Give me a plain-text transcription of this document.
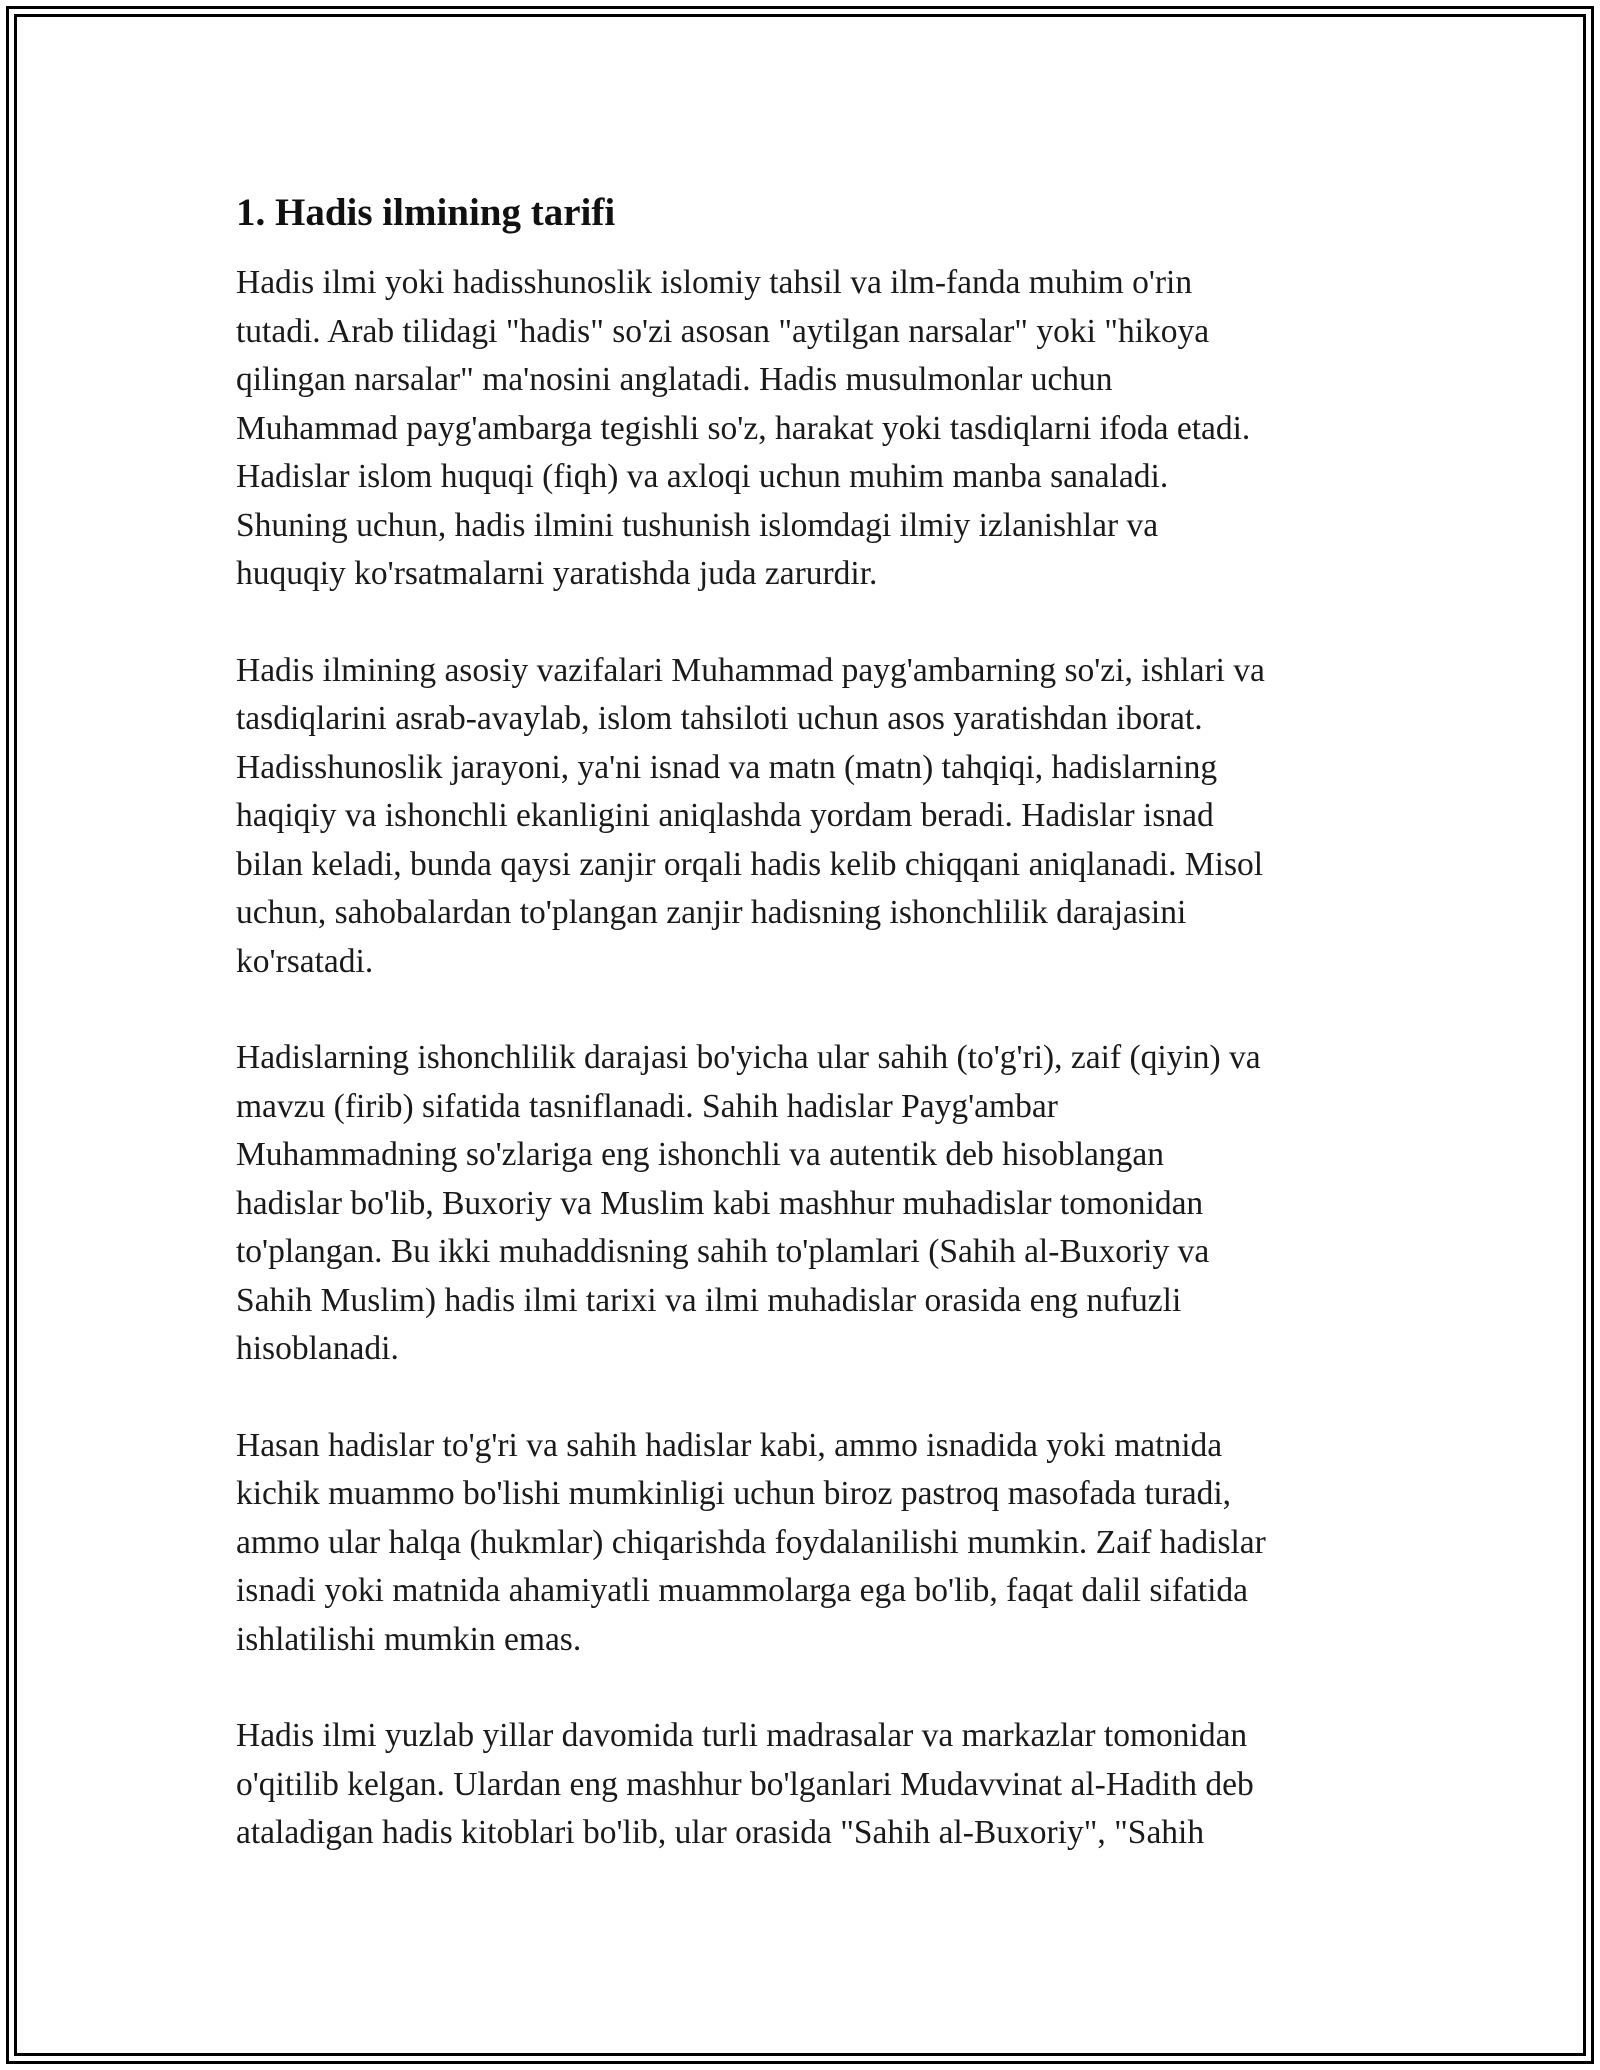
1. Hadis ilmining tarifi
Hadis ilmi yoki hadisshunoslik islomiy tahsil va ilm-fanda muhim o'rin
tutadi. Arab tilidagi "hadis" so'zi asosan "aytilgan narsalar" yoki "hikoya
qilingan narsalar" ma'nosini anglatadi. Hadis musulmonlar uchun
Muhammad payg'ambarga tegishli so'z, harakat yoki tasdiqlarni ifoda etadi.
Hadislar islom huquqi (fiqh) va axloqi uchun muhim manba sanaladi.
Shuning uchun, hadis ilmini tushunish islomdagi ilmiy izlanishlar va
huquqiy ko'rsatmalarni yaratishda juda zarurdir.
Hadis ilmining asosiy vazifalari Muhammad payg'ambarning so'zi, ishlari va
tasdiqlarini asrab-avaylab, islom tahsiloti uchun asos yaratishdan iborat.
Hadisshunoslik jarayoni, ya'ni isnad va matn (matn) tahqiqi, hadislarning
haqiqiy va ishonchli ekanligini aniqlashda yordam beradi. Hadislar isnad
bilan keladi, bunda qaysi zanjir orqali hadis kelib chiqqani aniqlanadi. Misol
uchun, sahobalardan to'plangan zanjir hadisning ishonchlilik darajasini
ko'rsatadi.
Hadislarning ishonchlilik darajasi bo'yicha ular sahih (to'g'ri), zaif (qiyin) va
mavzu (firib) sifatida tasniflanadi. Sahih hadislar Payg'ambar
Muhammadning so'zlariga eng ishonchli va autentik deb hisoblangan
hadislar bo'lib, Buxoriy va Muslim kabi mashhur muhadislar tomonidan
to'plangan. Bu ikki muhaddisning sahih to'plamlari (Sahih al-Buxoriy va
Sahih Muslim) hadis ilmi tarixi va ilmi muhadislar orasida eng nufuzli
hisoblanadi.
Hasan hadislar to'g'ri va sahih hadislar kabi, ammo isnadida yoki matnida
kichik muammo bo'lishi mumkinligi uchun biroz pastroq masofada turadi,
ammo ular halqa (hukmlar) chiqarishda foydalanilishi mumkin. Zaif hadislar
isnadi yoki matnida ahamiyatli muammolarga ega bo'lib, faqat dalil sifatida
ishlatilishi mumkin emas.
Hadis ilmi yuzlab yillar davomida turli madrasalar va markazlar tomonidan
o'qitilib kelgan. Ulardan eng mashhur bo'lganlari Mudavvinat al-Hadith deb
ataladigan hadis kitoblari bo'lib, ular orasida "Sahih al-Buxoriy", "Sahih
